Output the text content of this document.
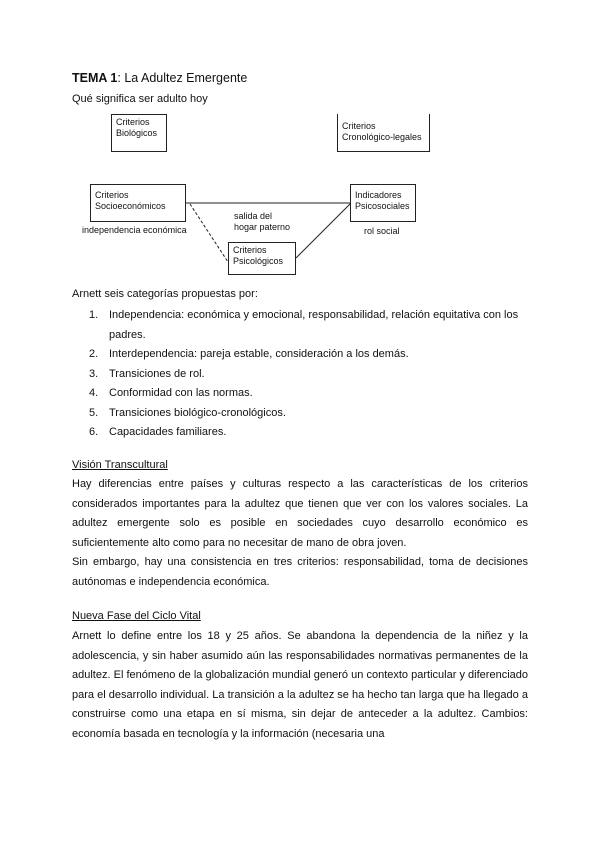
TEMA 1: La Adultez Emergente
Qué significa ser adulto hoy
Criterios
Biológicos
Criterios
Cronológico-legales
Criterios
Socioeconómicos
Indicadores
Psicosociales
Criterios
Psicológicos
independencia económica
salida del
hogar paterno	rol social
Arnett seis categorías propuestas por:
1. Independencia: económica y emocional, responsabilidad, relación equitativa con los padres.
2. Interdependencia: pareja estable, consideración a los demás.
3. Transiciones de rol.
4. Conformidad con las normas.
5. Transiciones biológico-cronológicos.
6. Capacidades familiares.
Visión Transcultural
Hay diferencias entre países y culturas respecto a las características de los criterios considerados importantes para la adultez que tienen que ver con los valores sociales. La adultez emergente solo es posible en sociedades cuyo desarrollo económico es suficientemente alto como para no necesitar de mano de obra joven.
Sin embargo, hay una consistencia en tres criterios: responsabilidad, toma de decisiones autónomas e independencia económica.
Nueva Fase del Ciclo Vital
Arnett lo define entre los 18 y 25 años. Se abandona la dependencia de la niñez y la adolescencia, y sin haber asumido aún las responsabilidades normativas permanentes de la adultez. El fenómeno de la globalización mundial generó un contexto particular y diferenciado para el desarrollo individual. La transición a la adultez se ha hecho tan larga que ha llegado a construirse como una etapa en sí misma, sin dejar de anteceder a la adultez. Cambios: economía basada en tecnología y la información (necesaria una
